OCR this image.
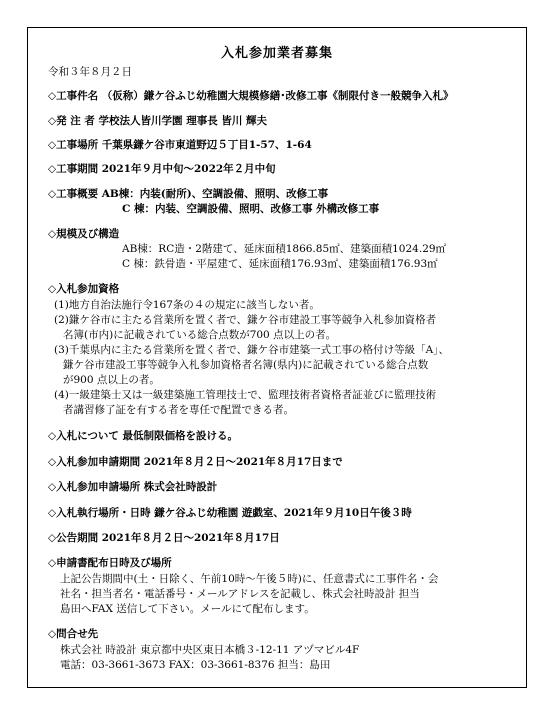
入札参加業者募集
令和３年８月２日
◇工事件名 （仮称）鎌ケ谷ふじ幼稚園大規模修繕･改修工事《制限付き一般競争入札》
◇発 注 者 学校法人皆川学園 理事長 皆川 輝夫
◇工事場所 千葉県鎌ケ谷市東道野辺５丁目1-57、1-64
◇工事期間 2021年９月中旬～2022年２月中旬
◇工事概要 AB棟：内装(耐所)、空調設備、照明、改修工事
C 棟：内装、空調設備、照明、改修工事 外構改修工事
◇規模及び構造
AB棟：RC造・2階建て、延床面積1866.85㎡、建築面積1024.29㎡
C 棟：鉄骨造・平屋建て、延床面積176.93㎡、建築面積176.93㎡
◇入札参加資格
(1)地方自治法施行令167条の４の規定に該当しない者。
(2)鎌ケ谷市に主たる営業所を置く者で、鎌ケ谷市建設工事等競争入札参加資格者
名簿(市内)に記載されている総合点数が700 点以上の者。
(3)千葉県内に主たる営業所を置く者で、鎌ケ谷市建築一式工事の格付け等級「A」、
鎌ケ谷市建設工事等競争入札参加資格者名簿(県内)に記載されている総合点数
が900 点以上の者。
(4)一級建築士又は一級建築施工管理技士で、監理技術者資格者証並びに監理技術
者講習修了証を有する者を専任で配置できる者。
◇入札について 最低制限価格を設ける。
◇入札参加申請期間 2021年８月２日～2021年８月17日まで
◇入札参加申請場所 株式会社時設計
◇入札執行場所・日時 鎌ケ谷ふじ幼稚園 遊戯室、2021年９月10日午後３時
◇公告期間 2021年８月２日～2021年８月17日
◇申請書配布日時及び場所
上記公告期間中(土・日除く、午前10時～午後５時)に、任意書式に工事件名・会
社名・担当者名・電話番号・メールアドレスを記載し、株式会社時設計 担当
島田へFAX 送信して下さい。メールにて配布します。
◇問合せ先
株式会社 時設計 東京都中央区東日本橋３-12-11 アヅマビル4F
電話：03-3661-3673 FAX：03-3661-8376 担当：島田
